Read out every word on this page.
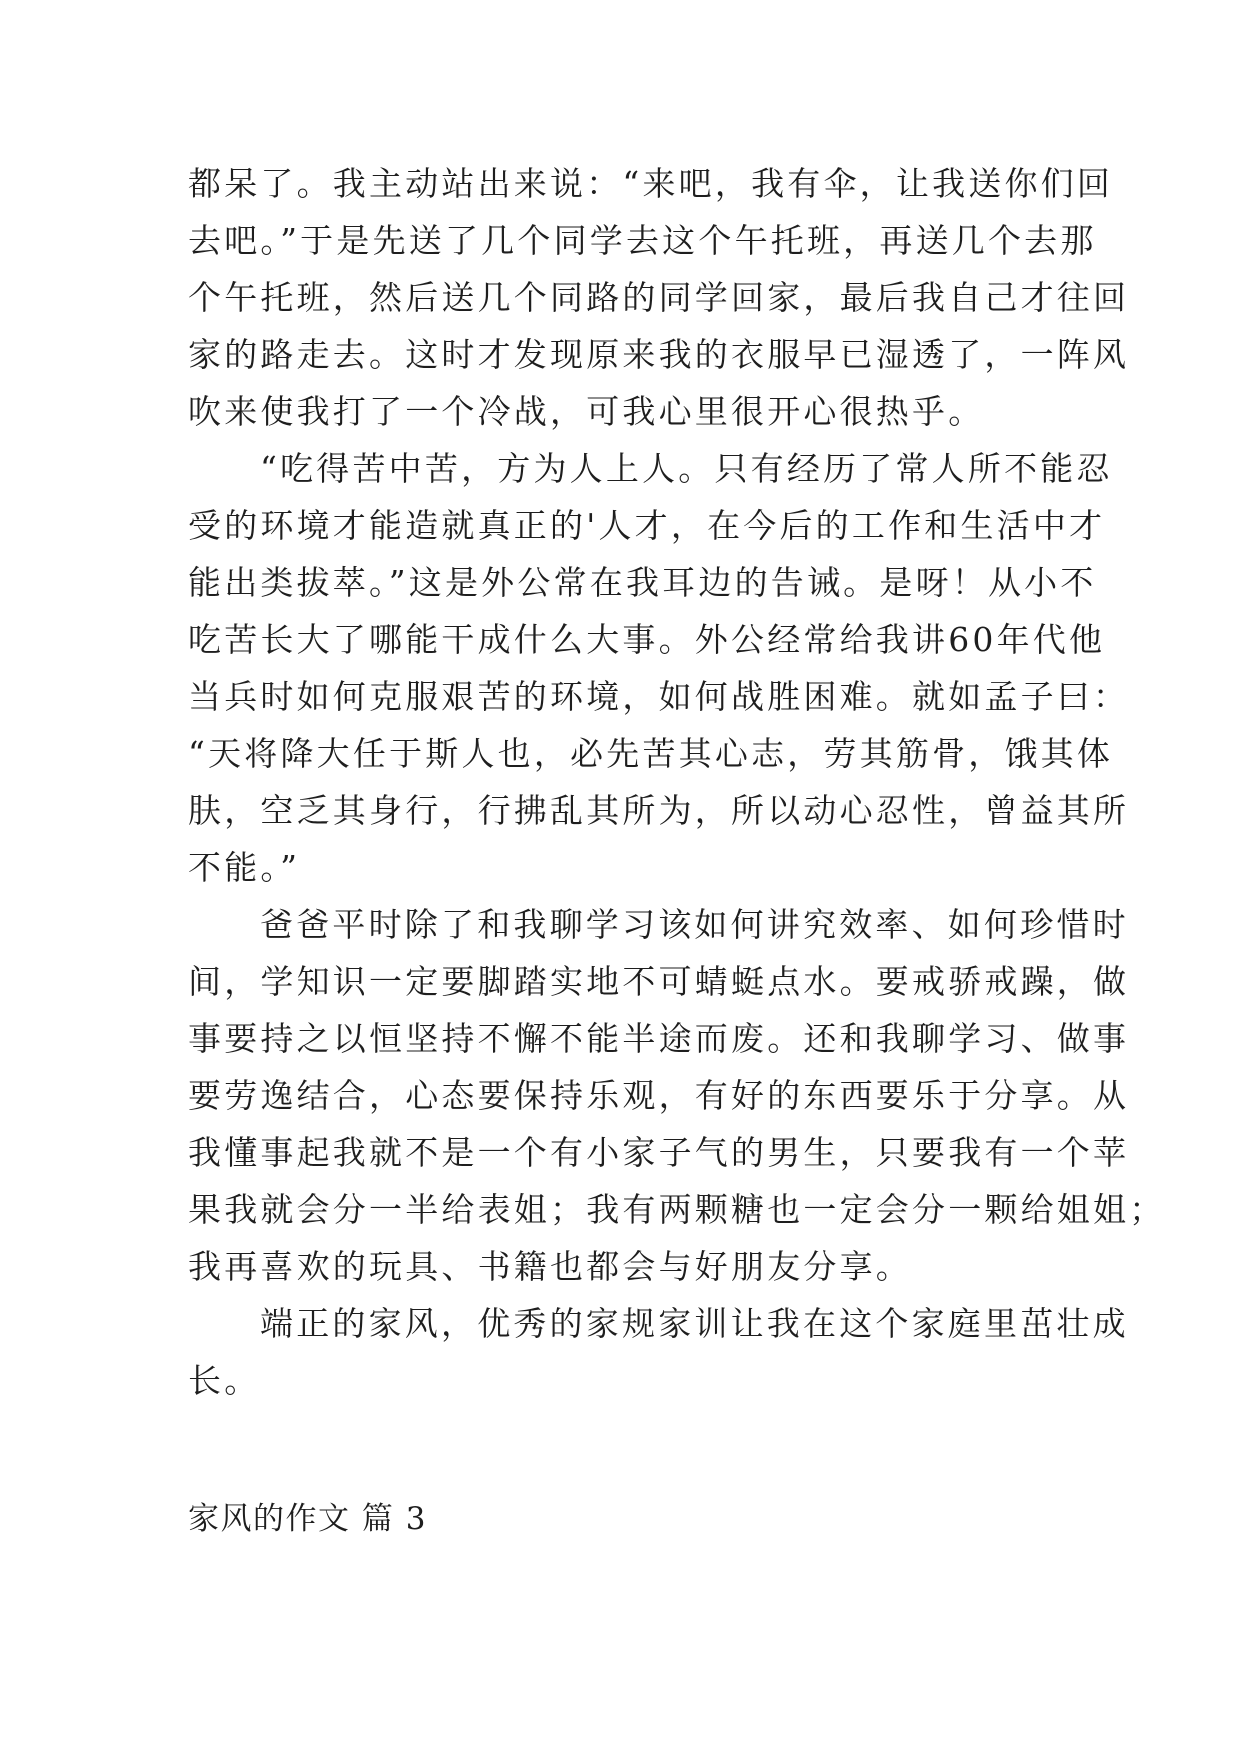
都呆了。我主动站出来说：“来吧，我有伞，让我送你们回
去吧。”于是先送了几个同学去这个午托班，再送几个去那
个午托班，然后送几个同路的同学回家，最后我自己才往回
家的路走去。这时才发现原来我的衣服早已湿透了，一阵风
吹来使我打了一个冷战，可我心里很开心很热乎。
“吃得苦中苦，方为人上人。只有经历了常人所不能忍
受的环境才能造就真正的'人才，在今后的工作和生活中才
能出类拔萃。”这是外公常在我耳边的告诫。是呀！从小不
吃苦长大了哪能干成什么大事。外公经常给我讲60年代他
当兵时如何克服艰苦的环境，如何战胜困难。就如孟子曰：
“天将降大任于斯人也，必先苦其心志，劳其筋骨，饿其体
肤，空乏其身行，行拂乱其所为，所以动心忍性，曾益其所
不能。”
爸爸平时除了和我聊学习该如何讲究效率、如何珍惜时
间，学知识一定要脚踏实地不可蜻蜓点水。要戒骄戒躁，做
事要持之以恒坚持不懈不能半途而废。还和我聊学习、做事
要劳逸结合，心态要保持乐观，有好的东西要乐于分享。从
我懂事起我就不是一个有小家子气的男生，只要我有一个苹
果我就会分一半给表姐；我有两颗糖也一定会分一颗给姐姐；
我再喜欢的玩具、书籍也都会与好朋友分享。
端正的家风，优秀的家规家训让我在这个家庭里茁壮成
长。
家风的作文 篇 3
